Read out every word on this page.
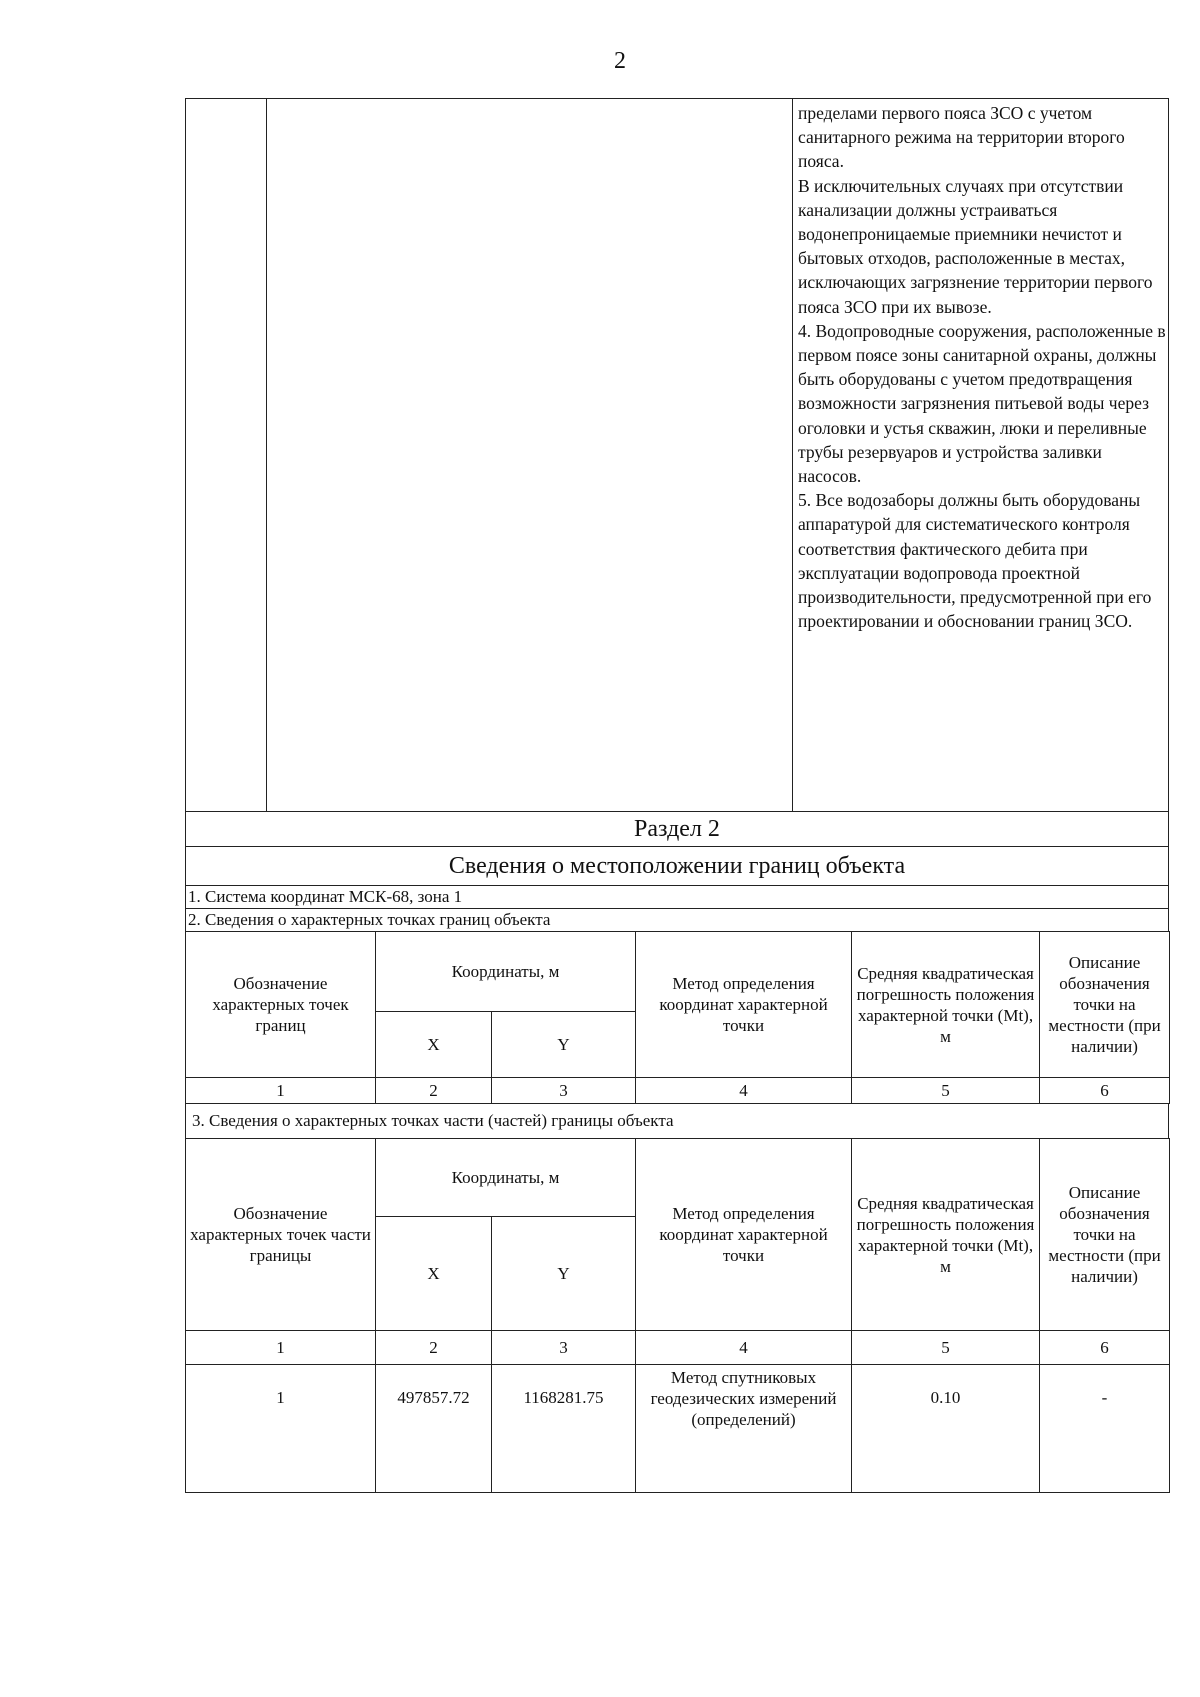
2

пределами первого пояса ЗСО с учетом санитарного режима на территории второго пояса.

В исключительных случаях при отсутствии канализации должны устраиваться водонепроницаемые приемники нечистот и бытовых отходов, расположенные в местах, исключающих загрязнение территории первого пояса ЗСО при их вывозе.

4. Водопроводные сооружения, расположенные в первом поясе зоны санитарной охраны, должны быть оборудованы с учетом предотвращения возможности загрязнения питьевой воды через оголовки и устья скважин, люки и переливные трубы резервуаров и устройства заливки насосов.

5. Все водозаборы должны быть оборудованы аппаратурой для систематического контроля соответствия фактического дебита при эксплуатации водопровода проектной производительности, предусмотренной при его проектировании и обосновании границ ЗСО.

Раздел 2
Сведения о местоположении границ объекта
1. Система координат МСК-68, зона 1
2. Сведения о характерных точках границ объекта
Обозначение характерных точек границ	Координаты, м		Метод определения координат характерной точки	Средняя квадратическая погрешность положения характерной точки (Mt), м	Описание обозначения точки на местности (при наличии)
	X	Y			
1	2	3	4	5	6
3. Сведения о характерных точках части (частей) границы объекта
Обозначение характерных точек части границы	Координаты, м		Метод определения координат характерной точки	Средняя квадратическая погрешность положения характерной точки (Mt), м	Описание обозначения точки на местности (при наличии)
	X	Y			
1	2	3	4	5	6
1	497857.72	1168281.75	Метод спутниковых геодезических измерений (определений)	0.10	-
